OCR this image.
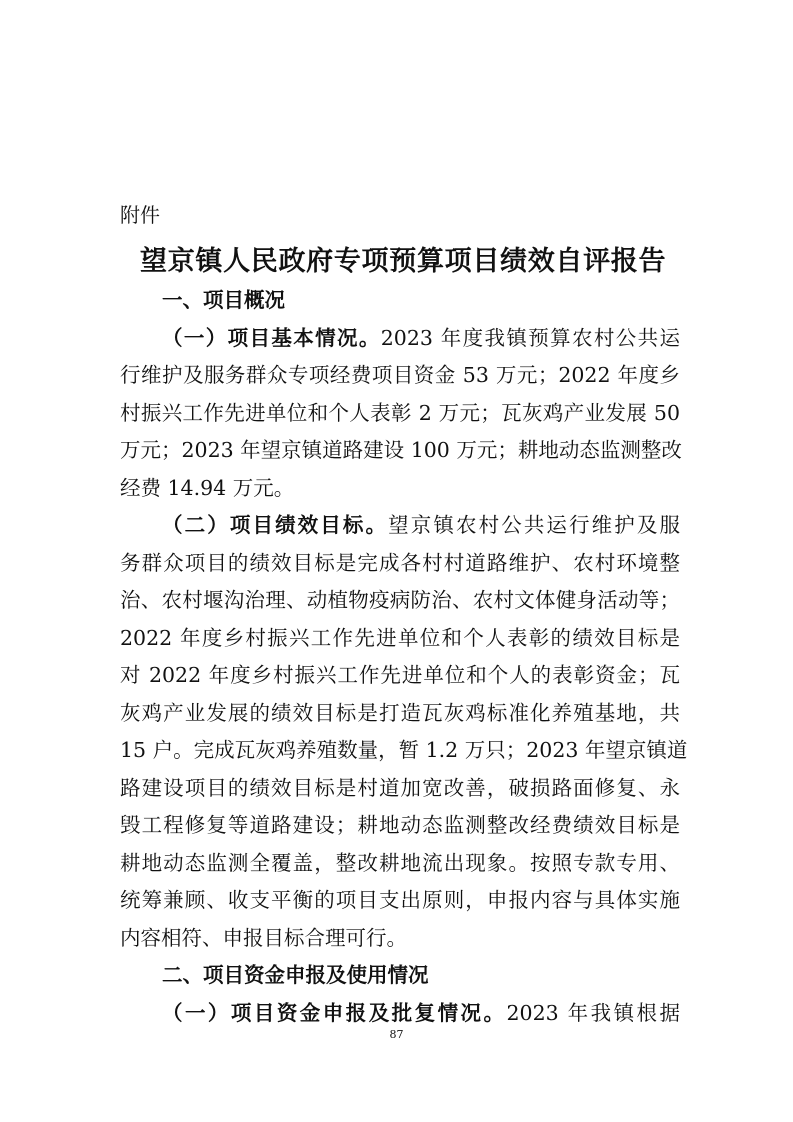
附件
望京镇人民政府专项预算项目绩效自评报告
一、项目概况
（一）项目基本情况。2023 年度我镇预算农村公共运
行维护及服务群众专项经费项目资金 53 万元；2022 年度乡
村振兴工作先进单位和个人表彰 2 万元；瓦灰鸡产业发展 50
万元；2023 年望京镇道路建设 100 万元；耕地动态监测整改
经费 14.94 万元。
（二）项目绩效目标。望京镇农村公共运行维护及服
务群众项目的绩效目标是完成各村村道路维护、农村环境整
治、农村堰沟治理、动植物疫病防治、农村文体健身活动等；
2022 年度乡村振兴工作先进单位和个人表彰的绩效目标是
对 2022 年度乡村振兴工作先进单位和个人的表彰资金；瓦
灰鸡产业发展的绩效目标是打造瓦灰鸡标准化养殖基地，共
15 户。完成瓦灰鸡养殖数量，暂 1.2 万只；2023 年望京镇道
路建设项目的绩效目标是村道加宽改善，破损路面修复、永
毁工程修复等道路建设；耕地动态监测整改经费绩效目标是
耕地动态监测全覆盖，整改耕地流出现象。按照专款专用、
统筹兼顾、收支平衡的项目支出原则，申报内容与具体实施
内容相符、申报目标合理可行。
二、项目资金申报及使用情况
（一）项目资金申报及批复情况。2023 年我镇根据
87
